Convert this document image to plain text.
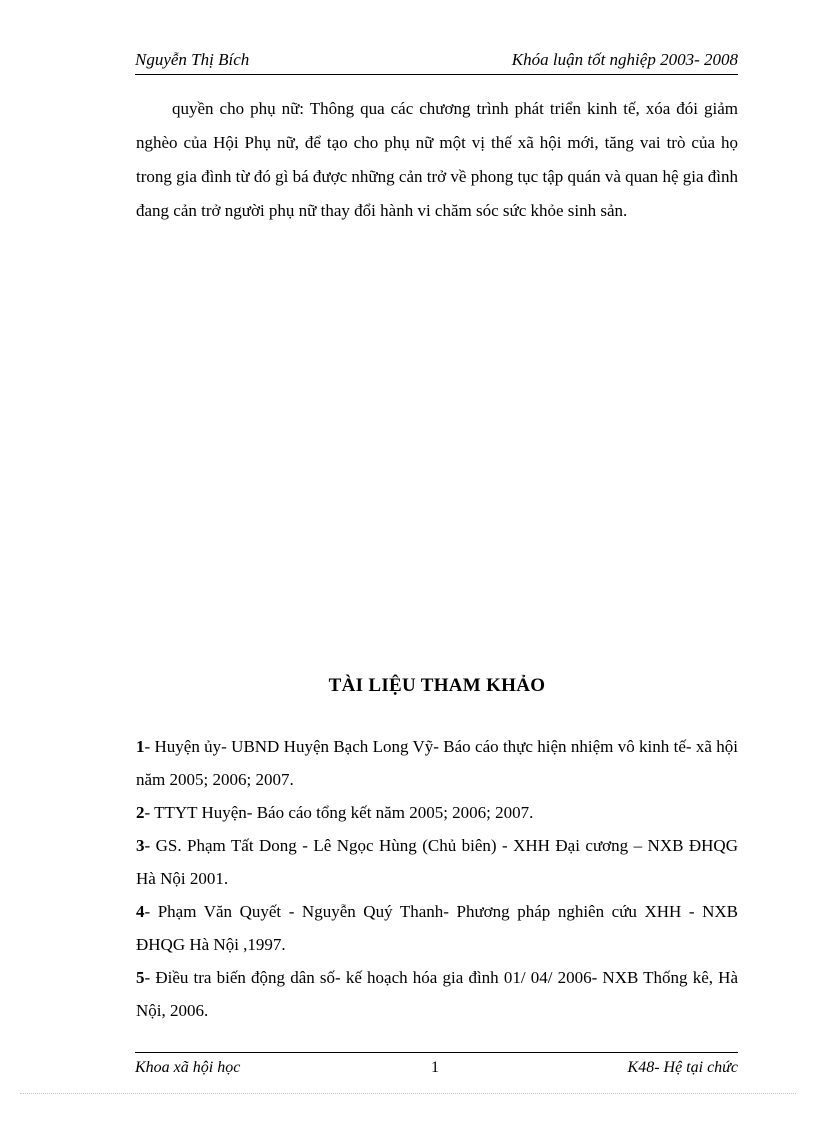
Nguyễn Thị Bích	Khóa luận tốt nghiệp 2003- 2008

quyền cho phụ nữ: Thông qua các chương trình phát triển kinh tế, xóa đói giảm nghèo của Hội Phụ nữ, để tạo cho phụ nữ một vị thế xã hội mới, tăng vai trò của họ trong gia đình từ đó gì bá được những cản trở về phong tục tập quán và quan hệ gia đình đang cản trở người phụ nữ thay đổi hành vi chăm sóc sức khỏe sinh sản.

TÀI LIỆU THAM KHẢO
1- Huyện ủy- UBND Huyện Bạch Long Vỹ- Báo cáo thực hiện nhiệm vô kinh tế- xã hội năm 2005; 2006; 2007.
2- TTYT Huyện- Báo cáo tổng kết năm 2005; 2006; 2007.
3- GS. Phạm Tất Dong - Lê Ngọc Hùng (Chủ biên) - XHH Đại cương – NXB ĐHQG Hà Nội 2001.
4- Phạm Văn Quyết - Nguyễn Quý Thanh- Phương pháp nghiên cứu XHH - NXB ĐHQG Hà Nội ,1997.
5- Điều tra biến động dân số- kế hoạch hóa gia đình 01/ 04/ 2006- NXB Thống kê, Hà Nội, 2006.
Khoa xã hội học	1	K48- Hệ tại chức
